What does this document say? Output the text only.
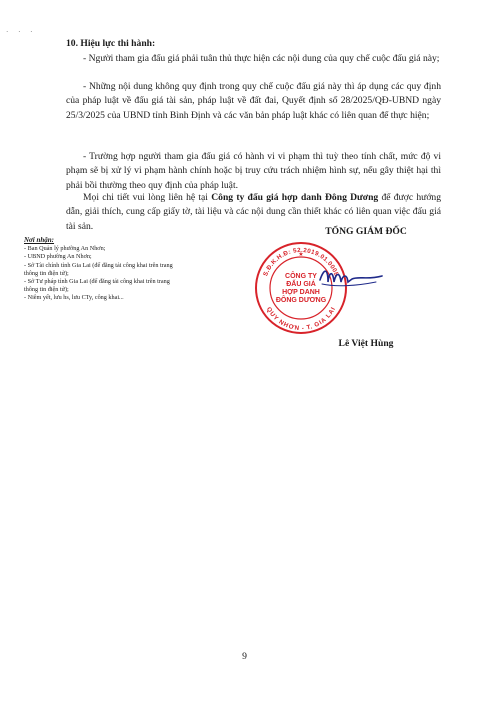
· · ·
10. Hiệu lực thi hành:
- Người tham gia đấu giá phải tuân thủ thực hiện các nội dung của quy chế cuộc đấu giá này;
- Những nội dung không quy định trong quy chế cuộc đấu giá này thì áp dụng các quy định của pháp luật về đấu giá tài sản, pháp luật về đất đai, Quyết định số 28/2025/QĐ-UBND ngày 25/3/2025 của UBND tỉnh Bình Định và các văn bản pháp luật khác có liên quan để thực hiện;
- Trường hợp người tham gia đấu giá có hành vi vi phạm thì tuỳ theo tính chất, mức độ vi phạm sẽ bị xử lý vi phạm hành chính hoặc bị truy cứu trách nhiệm hình sự, nếu gây thiệt hại thì phải bồi thường theo quy định của pháp luật.
Mọi chi tiết vui lòng liên hệ tại Công ty đấu giá hợp danh Đông Dương để được hướng dẫn, giải thích, cung cấp giấy tờ, tài liệu và các nội dung cần thiết khác có liên quan việc đấu giá tài sản.
Nơi nhận:
- Ban Quản lý phường An Nhơn;
- UBND phường An Nhơn;
- Sở Tài chính tỉnh Gia Lai (để đăng tải công khai trên trang thông tin điện tử);
- Sở Tư pháp tỉnh Gia Lai (để đăng tải công khai trên trang thông tin điện tử);
- Niêm yết, lưu hs, lưu CTy, công khai...
TỔNG GIÁM ĐỐC
S.Đ.K.H.Đ: 52.2019.01.0008
QUY NHƠN - T. GIA LAI
CÔNG TY
ĐẤU GIÁ
HỢP DANH
ĐÔNG DƯƠNG
★
Lê Việt Hùng
9
